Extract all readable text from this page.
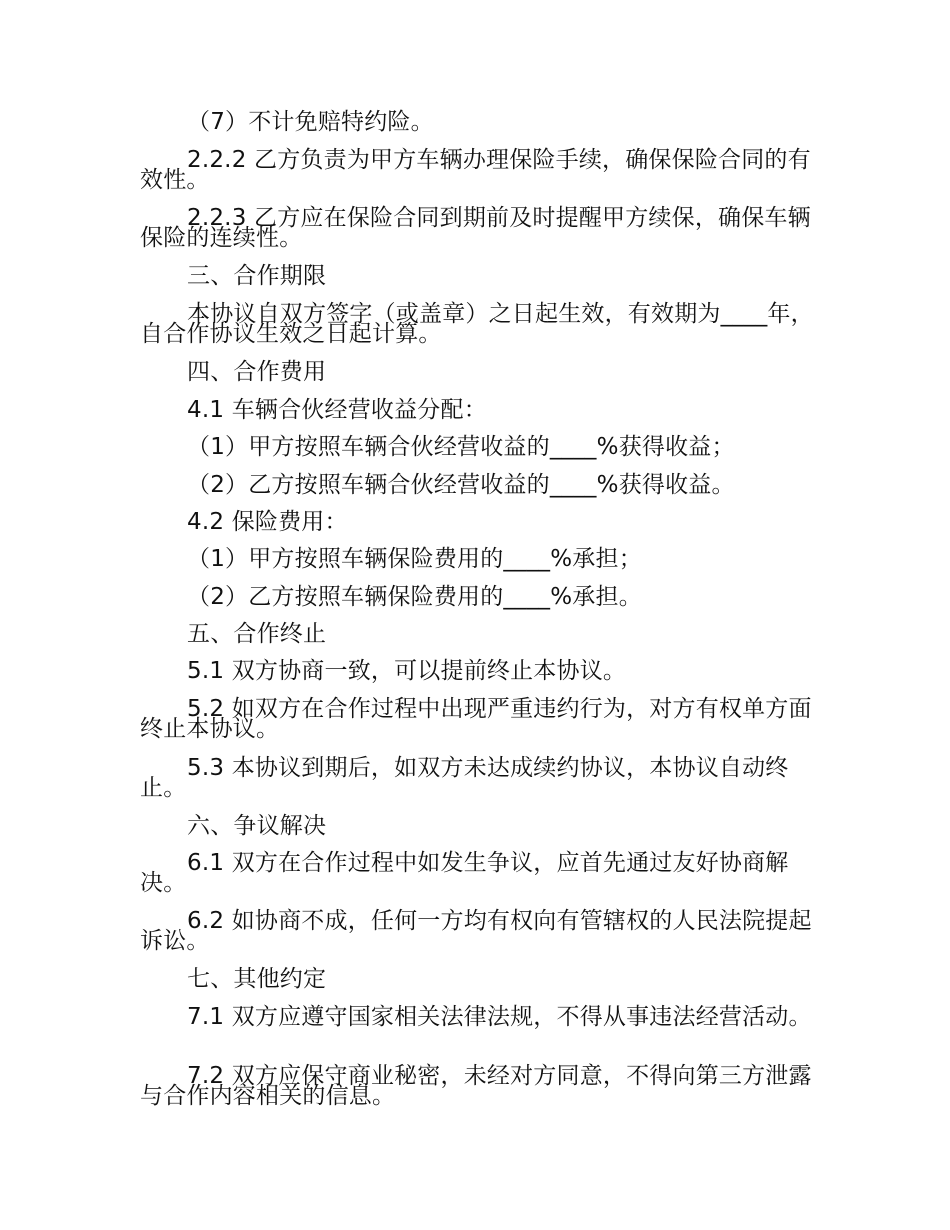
（7）不计免赔特约险。
2.2.2 乙方负责为甲方车辆办理保险手续，确保保险合同的有效性。
2.2.3 乙方应在保险合同到期前及时提醒甲方续保，确保车辆保险的连续性。
三、合作期限
本协议自双方签字（或盖章）之日起生效，有效期为____年，自合作协议生效之日起计算。
四、合作费用
4.1 车辆合伙经营收益分配：
（1）甲方按照车辆合伙经营收益的____%获得收益；
（2）乙方按照车辆合伙经营收益的____%获得收益。
4.2 保险费用：
（1）甲方按照车辆保险费用的____%承担；
（2）乙方按照车辆保险费用的____%承担。
五、合作终止
5.1 双方协商一致，可以提前终止本协议。
5.2 如双方在合作过程中出现严重违约行为，对方有权单方面终止本协议。
5.3 本协议到期后，如双方未达成续约协议，本协议自动终止。
六、争议解决
6.1 双方在合作过程中如发生争议，应首先通过友好协商解决。
6.2 如协商不成，任何一方均有权向有管辖权的人民法院提起诉讼。
七、其他约定
7.1 双方应遵守国家相关法律法规，不得从事违法经营活动。
7.2 双方应保守商业秘密，未经对方同意，不得向第三方泄露与合作内容相关的信息。
